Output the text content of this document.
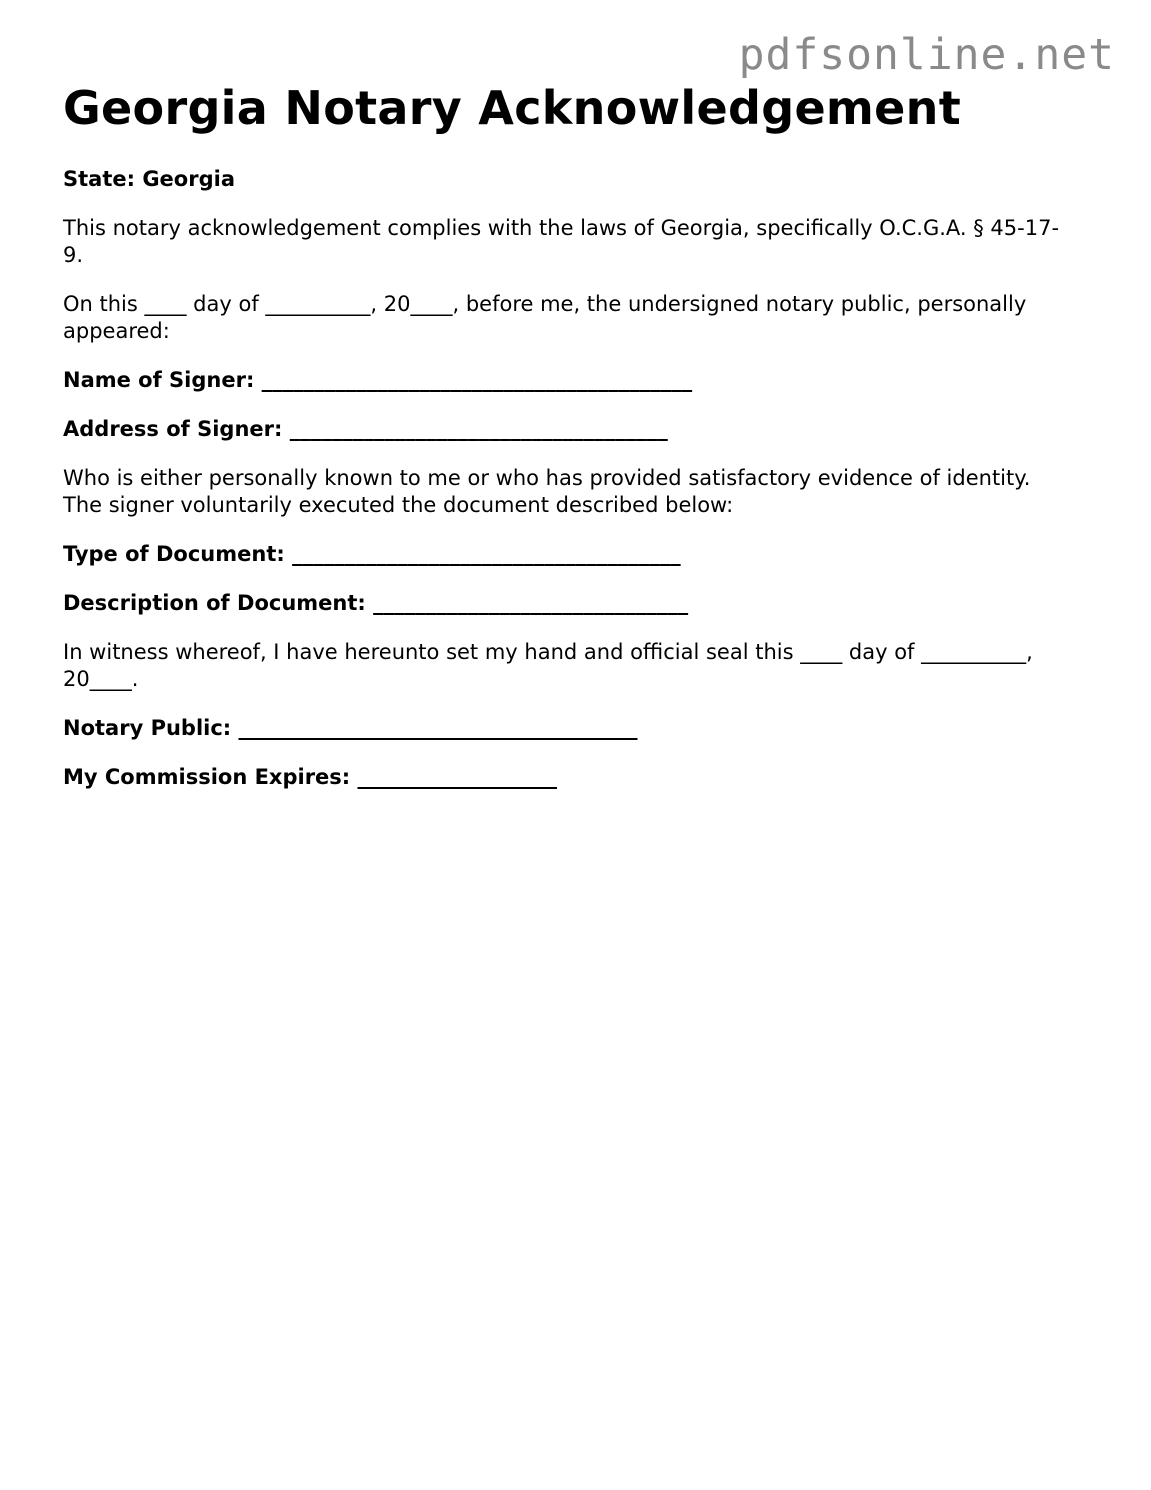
pdfsonline.net
Georgia Notary Acknowledgement

State: Georgia

This notary acknowledgement complies with the laws of Georgia, specifically O.C.G.A. § 45-17-9.

On this ____ day of __________, 20____, before me, the undersigned notary public, personally appeared:

Name of Signer: _________________________________________

Address of Signer: ____________________________________

Who is either personally known to me or who has provided satisfactory evidence of identity. The signer voluntarily executed the document described below:

Type of Document: _____________________________________

Description of Document: ______________________________

In witness whereof, I have hereunto set my hand and official seal this ____ day of __________, 20____.

Notary Public: ______________________________________

My Commission Expires: ___________________
